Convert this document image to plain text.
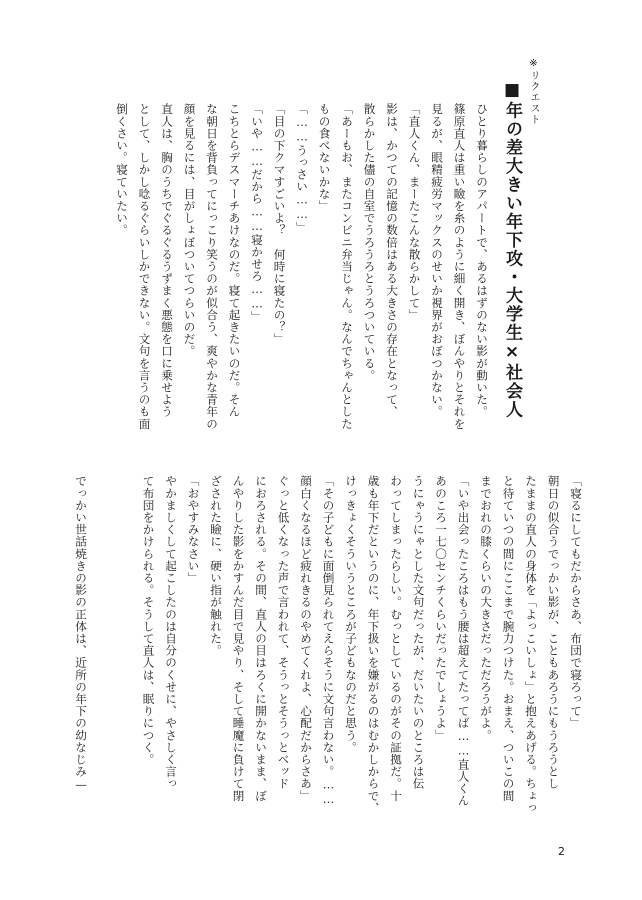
※リクエスト
■年の差大きい年下攻・大学生×社会人
ひとり暮らしのアパートで、あるはずのない影が動いた。
篠原直人は重い瞼を糸のように細く開き、ぼんやりとそれを
見るが、眼精疲労マックスのせいか視界がおぼつかない。
「直人くん、まーたこんな散らかして」
影は、かつての記憶の数倍はある大きさの存在となって、
散らかした儘の自室でうろうろとうろついている。
「あーもお、またコンビニ弁当じゃん。なんでちゃんとした
もの食べないかな」
「……うっさい……」
「目の下クマすごいよ？　何時に寝たの？」
「いや……だから……寝かせろ……」
こちとらデスマーチあけなのだ。寝て起きたいのだ。そん
な朝日を背負ってにっこり笑うのが似合う、爽やかな青年の
顔を見るには、目がしょぼついてつらいのだ。
直人は、胸のうちでぐるぐるうずまく悪態を口に乗せよう
として、しかし唸るぐらいしかできない。文句を言うのも面
倒くさい。寝ていたい。
「寝るにしてもだからさあ、布団で寝ろって」
朝日の似合うでっかい影が、こともあろうにもうろうとし
たままの直人の身体を「よっこいしょ」と抱えあげる。ちょっ
と待ていつの間にここまで腕力つけた。おまえ、ついこの間
までおれの膝くらいの大きさだっただろうがよ。
「いや出会ったころはもう腰は超えてたってば……直人くん
あのころ一七〇センチくらいだったでしょうよ」
うにゃうにゃとした文句だったが、だいたいのところは伝
わってしまったらしい。むっとしているのがその証拠だ。十
歳も年下だというのに、年下扱いを嫌がるのはむかしからで、
けっきょくそういうところが子どもなのだと思う。
「その子どもに面倒見られてえらそうに文句言わない。……
顔白くなるほど疲れきるのやめてくれよ、心配だからさあ」
ぐっと低くなった声で言われて、そうっとそうっとベッド
におろされる。その間、直人の目はろくに開かないまま、ぼ
んやりした影をかすんだ目で見やり、そして睡魔に負けて閉
ざされた瞼に、硬い指が触れた。
「おやすみなさい」
やかましくして起こしたのは自分のくせに、やさしく言っ
て布団をかけられる。そうして直人は、眠りにつく。

でっかい世話焼きの影の正体は、近所の年下の幼なじみ—
2
